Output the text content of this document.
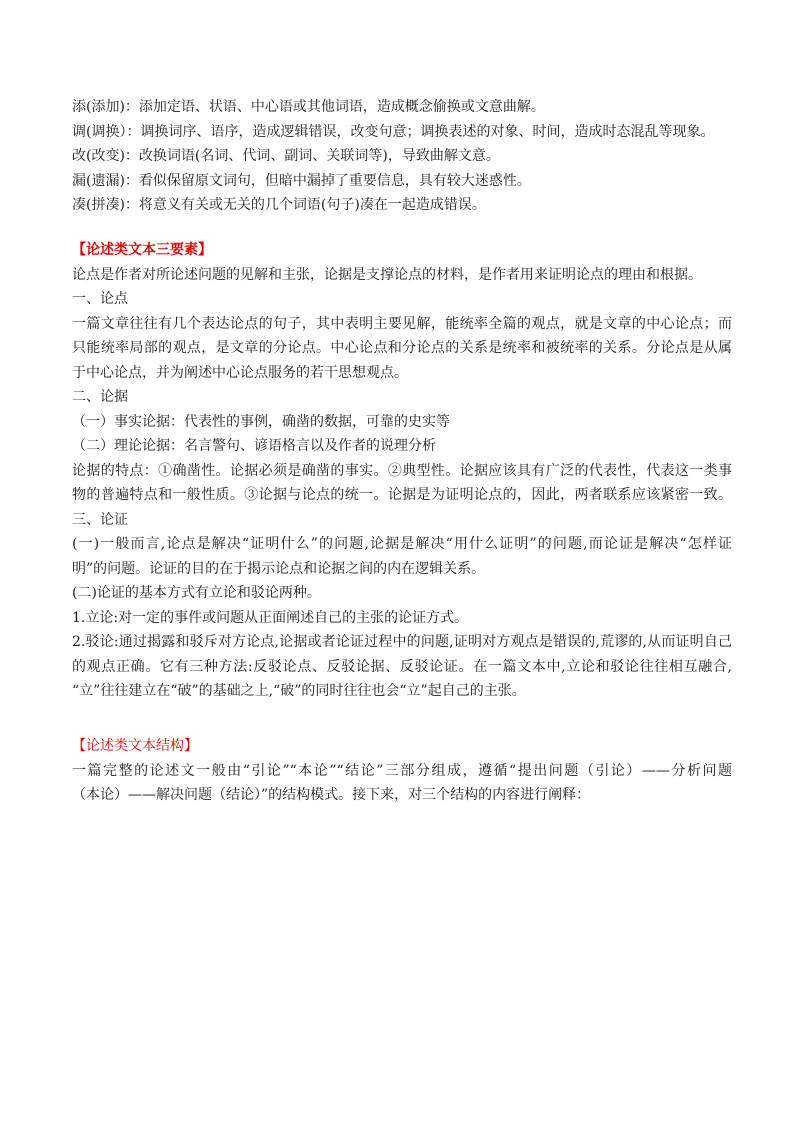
添(添加)：添加定语、状语、中心语或其他词语，造成概念偷换或文意曲解。
调(调换）：调换词序、语序，造成逻辑错误，改变句意；调换表述的对象、时间，造成时态混乱等现象。
改(改变)：改换词语(名词、代词、副词、关联词等)，导致曲解文意。
漏(遗漏)：看似保留原文词句，但暗中漏掉了重要信息，具有较大迷惑性。
凑(拼凑)：将意义有关或无关的几个词语(句子)凑在一起造成错误。
【论述类文本三要素】
论点是作者对所论述问题的见解和主张，论据是支撑论点的材料，是作者用来证明论点的理由和根据。
一、论点
一篇文章往往有几个表达论点的句子，其中表明主要见解，能统率全篇的观点，就是文章的中心论点；而
只能统率局部的观点，是文章的分论点。中心论点和分论点的关系是统率和被统率的关系。分论点是从属
于中心论点，并为阐述中心论点服务的若干思想观点。
二、论据
（一）事实论据：代表性的事例，确凿的数据，可靠的史实等
（二）理论论据：名言警句、谚语格言以及作者的说理分析
论据的特点：①确凿性。论据必须是确凿的事实。②典型性。论据应该具有广泛的代表性，代表这一类事
物的普遍特点和一般性质。③论据与论点的统一。论据是为证明论点的，因此，两者联系应该紧密一致。
三、论证
(一)一般而言,论点是解决“证明什么”的问题,论据是解决“用什么证明”的问题,而论证是解决“怎样证
明”的问题。论证的目的在于揭示论点和论据之间的内在逻辑关系。
(二)论证的基本方式有立论和驳论两种。
1.立论:对一定的事件或问题从正面阐述自己的主张的论证方式。
2.驳论:通过揭露和驳斥对方论点,论据或者论证过程中的问题,证明对方观点是错误的,荒谬的,从而证明自己
的观点正确。它有三种方法:反驳论点、反驳论据、反驳论证。在一篇文本中,立论和驳论往往相互融合,
“立”往往建立在“破”的基础之上,“破”的同时往往也会“立”起自己的主张。
【论述类文本结构】
一篇完整的论述文一般由“引论”“本论”“结论”三部分组成，遵循“提出问题（引论）——分析问题
（本论）——解决问题（结论）”的结构模式。接下来，对三个结构的内容进行阐释：
